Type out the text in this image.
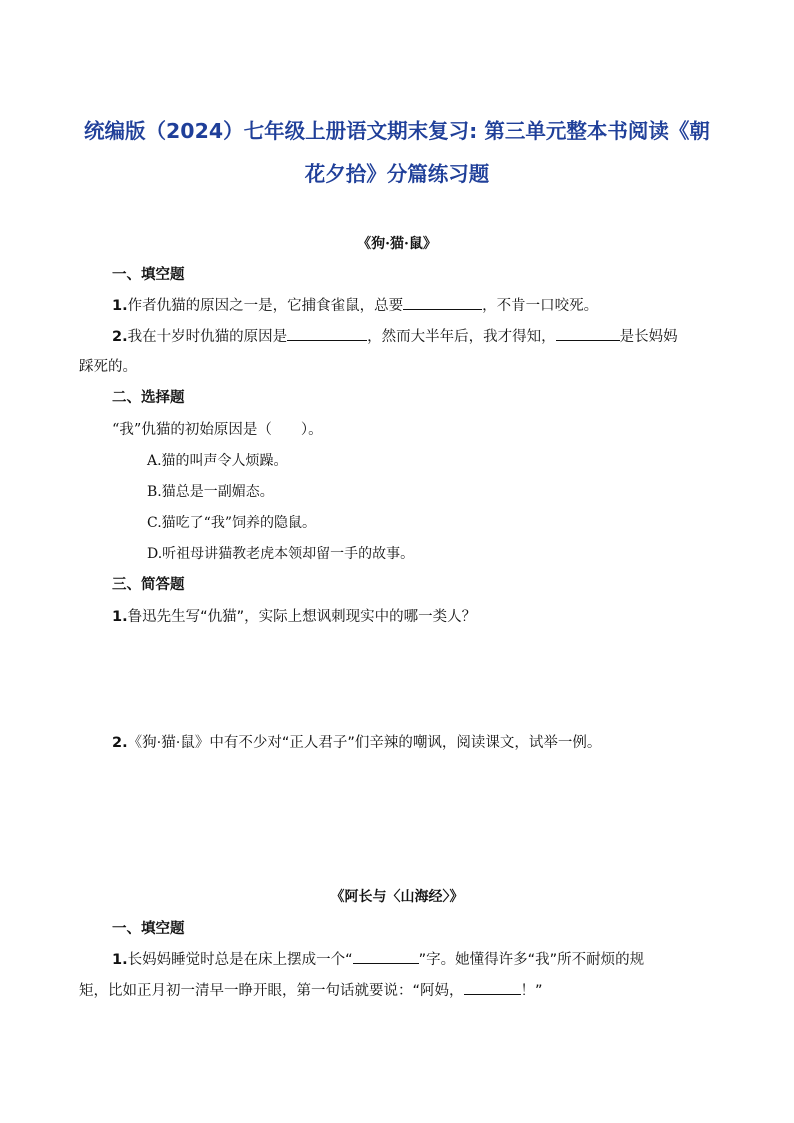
统编版（2024）七年级上册语文期末复习: 第三单元整本书阅读《朝
花夕拾》分篇练习题
《狗·猫·鼠》
一、填空题
1.作者仇猫的原因之一是，它捕食雀鼠，总要	，不肯一口咬死。
2.我在十岁时仇猫的原因是	，然而大半年后，我才得知，	是长妈妈
踩死的。
二、选择题
“我”仇猫的初始原因是（　　）。
A.猫的叫声令人烦躁。
B.猫总是一副媚态。
C.猫吃了“我”饲养的隐鼠。
D.听祖母讲猫教老虎本领却留一手的故事。
三、简答题
1.鲁迅先生写“仇猫”，实际上想讽刺现实中的哪一类人？
2.《狗·猫·鼠》中有不少对“正人君子”们辛辣的嘲讽，阅读课文，试举一例。
《阿长与〈山海经〉》
一、填空题
1.长妈妈睡觉时总是在床上摆成一个“	”字。她懂得许多“我”所不耐烦的规
矩，比如正月初一清早一睁开眼，第一句话就要说：“阿妈，	！”
